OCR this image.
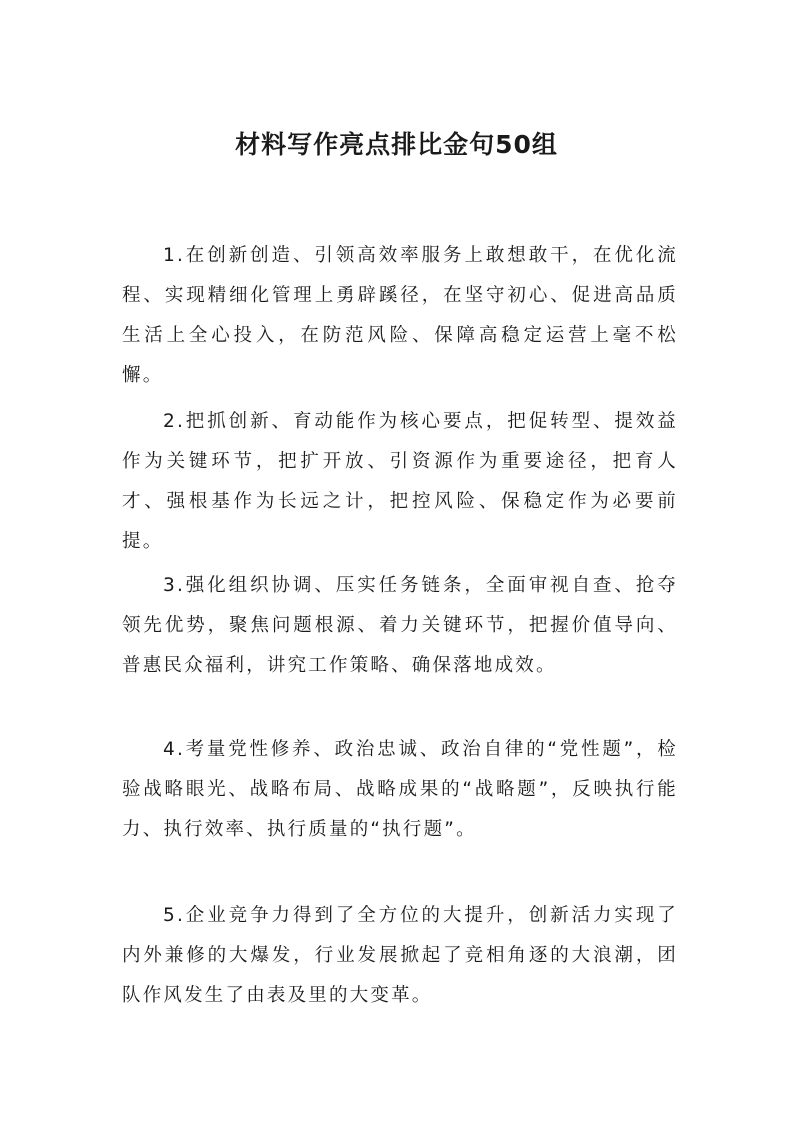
材料写作亮点排比金句50组

1.在创新创造、引领高效率服务上敢想敢干，在优化流程、实现精细化管理上勇辟蹊径，在坚守初心、促进高品质生活上全心投入，在防范风险、保障高稳定运营上毫不松懈。

2.把抓创新、育动能作为核心要点，把促转型、提效益作为关键环节，把扩开放、引资源作为重要途径，把育人才、强根基作为长远之计，把控风险、保稳定作为必要前提。

3.强化组织协调、压实任务链条，全面审视自查、抢夺领先优势，聚焦问题根源、着力关键环节，把握价值导向、普惠民众福利，讲究工作策略、确保落地成效。

4.考量党性修养、政治忠诚、政治自律的“党性题”，检验战略眼光、战略布局、战略成果的“战略题”，反映执行能力、执行效率、执行质量的“执行题”。

5.企业竞争力得到了全方位的大提升，创新活力实现了内外兼修的大爆发，行业发展掀起了竞相角逐的大浪潮，团队作风发生了由表及里的大变革。
